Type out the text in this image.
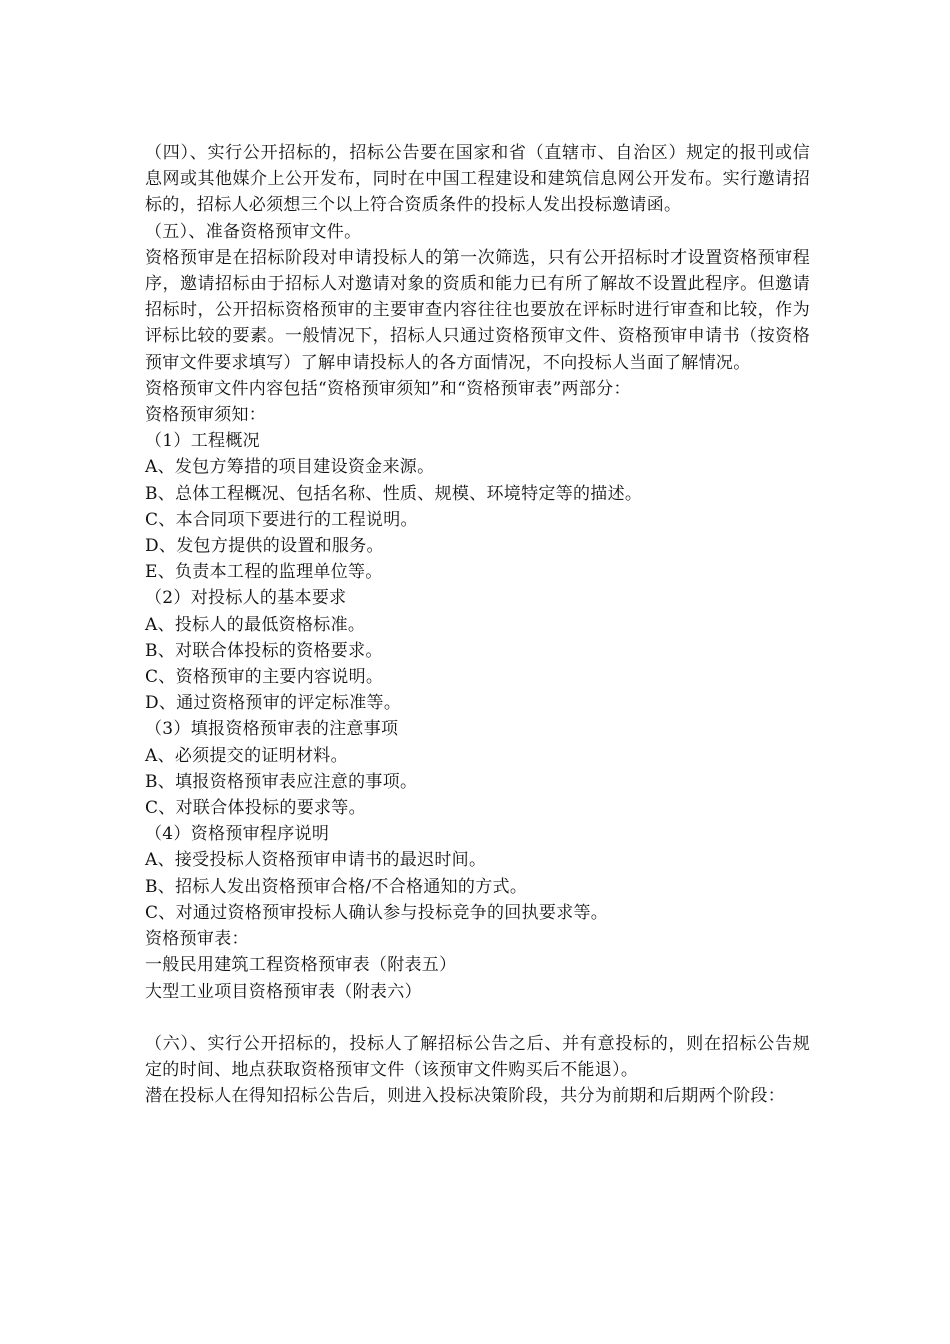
（四）、实行公开招标的，招标公告要在国家和省（直辖市、自治区）规定的报刊或信息网或其他媒介上公开发布，同时在中国工程建设和建筑信息网公开发布。实行邀请招标的，招标人必须想三个以上符合资质条件的投标人发出投标邀请函。

（五）、准备资格预审文件。

资格预审是在招标阶段对申请投标人的第一次筛选，只有公开招标时才设置资格预审程序，邀请招标由于招标人对邀请对象的资质和能力已有所了解故不设置此程序。但邀请招标时，公开招标资格预审的主要审查内容往往也要放在评标时进行审查和比较，作为评标比较的要素。一般情况下，招标人只通过资格预审文件、资格预审申请书（按资格预审文件要求填写）了解申请投标人的各方面情况，不向投标人当面了解情况。

资格预审文件内容包括“资格预审须知”和“资格预审表”两部分：

资格预审须知：

（1）工程概况

A、发包方筹措的项目建设资金来源。

B、总体工程概况、包括名称、性质、规模、环境特定等的描述。

C、本合同项下要进行的工程说明。

D、发包方提供的设置和服务。

E、负责本工程的监理单位等。

（2）对投标人的基本要求

A、投标人的最低资格标准。

B、对联合体投标的资格要求。

C、资格预审的主要内容说明。

D、通过资格预审的评定标准等。

（3）填报资格预审表的注意事项

A、必须提交的证明材料。

B、填报资格预审表应注意的事项。

C、对联合体投标的要求等。

（4）资格预审程序说明

A、接受投标人资格预审申请书的最迟时间。

B、招标人发出资格预审合格/不合格通知的方式。

C、对通过资格预审投标人确认参与投标竞争的回执要求等。

资格预审表：

一般民用建筑工程资格预审表（附表五）

大型工业项目资格预审表（附表六）

（六）、实行公开招标的，投标人了解招标公告之后、并有意投标的，则在招标公告规定的时间、地点获取资格预审文件（该预审文件购买后不能退）。

潜在投标人在得知招标公告后，则进入投标决策阶段，共分为前期和后期两个阶段：
